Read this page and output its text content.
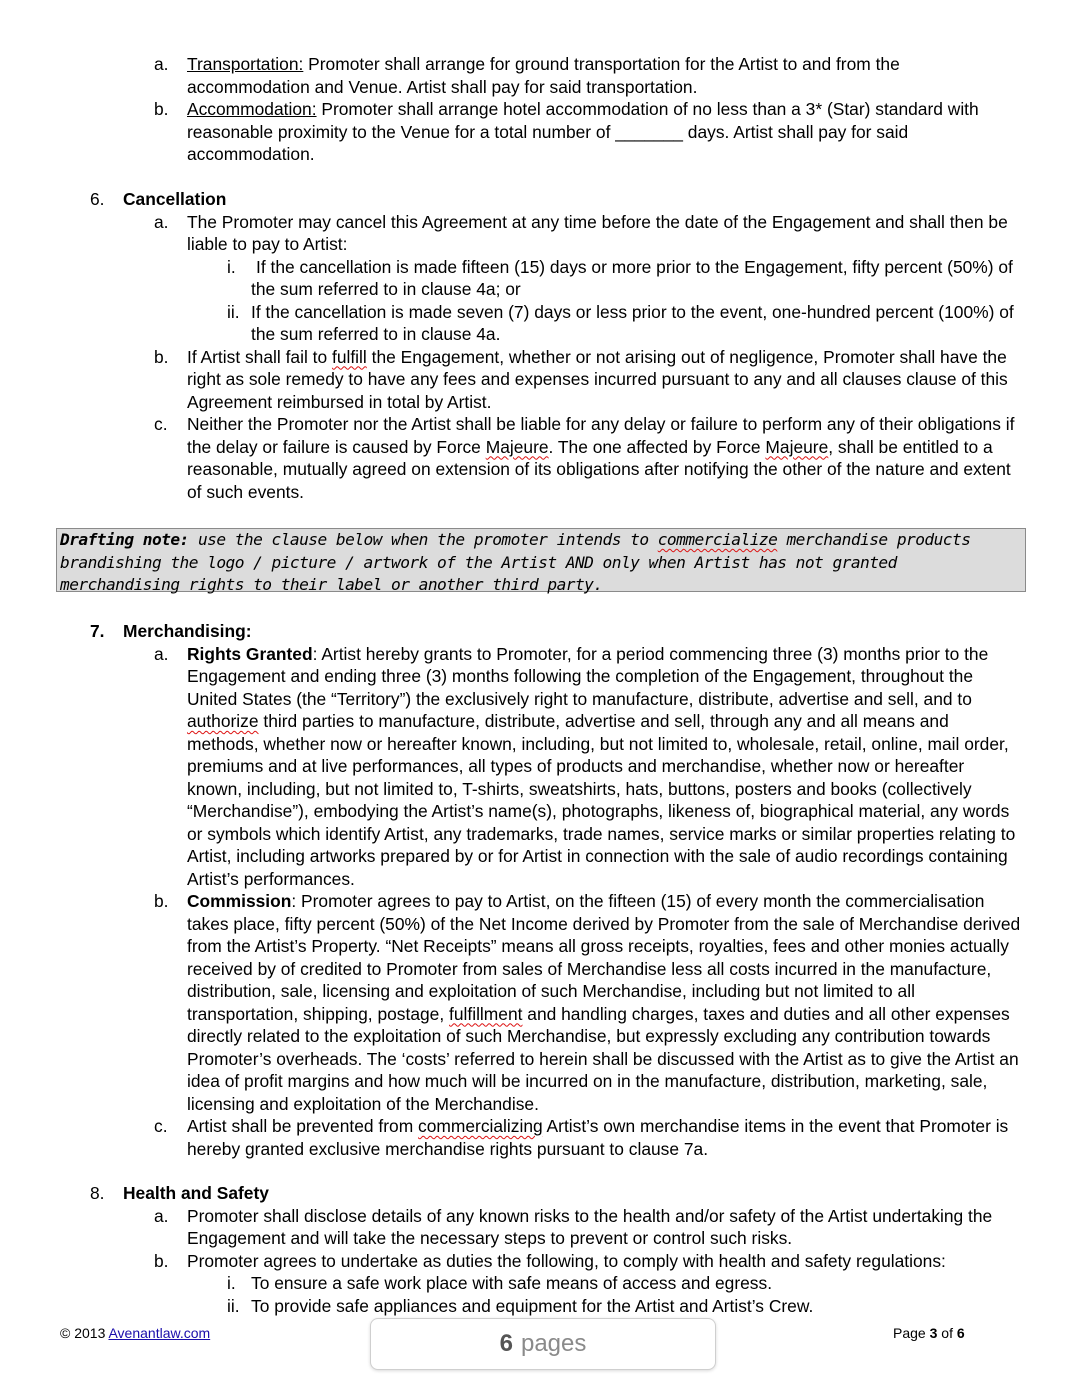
a. Transportation: Promoter shall arrange for ground transportation for the Artist to and from the accommodation and Venue. Artist shall pay for said transportation.
b. Accommodation: Promoter shall arrange hotel accommodation of no less than a 3* (Star) standard with reasonable proximity to the Venue for a total number of _______ days. Artist shall pay for said accommodation.
6. Cancellation
a. The Promoter may cancel this Agreement at any time before the date of the Engagement and shall then be liable to pay to Artist:
i. If the cancellation is made fifteen (15) days or more prior to the Engagement, fifty percent (50%) of the sum referred to in clause 4a; or
ii. If the cancellation is made seven (7) days or less prior to the event, one-hundred percent (100%) of the sum referred to in clause 4a.
b. If Artist shall fail to fulfill the Engagement, whether or not arising out of negligence, Promoter shall have the right as sole remedy to have any fees and expenses incurred pursuant to any and all clauses clause of this Agreement reimbursed in total by Artist.
c. Neither the Promoter nor the Artist shall be liable for any delay or failure to perform any of their obligations if the delay or failure is caused by Force Majeure. The one affected by Force Majeure, shall be entitled to a reasonable, mutually agreed on extension of its obligations after notifying the other of the nature and extent of such events.
Drafting note: use the clause below when the promoter intends to commercialize merchandise products brandishing the logo / picture / artwork of the Artist AND only when Artist has not granted merchandising rights to their label or another third party.
7. Merchandising:
a. Rights Granted: Artist hereby grants to Promoter, for a period commencing three (3) months prior to the Engagement and ending three (3) months following the completion of the Engagement, throughout the United States (the “Territory”) the exclusively right to manufacture, distribute, advertise and sell, and to authorize third parties to manufacture, distribute, advertise and sell, through any and all means and methods, whether now or hereafter known, including, but not limited to, wholesale, retail, online, mail order, premiums and at live performances, all types of products and merchandise, whether now or hereafter known, including, but not limited to, T-shirts, sweatshirts, hats, buttons, posters and books (collectively “Merchandise”), embodying the Artist’s name(s), photographs, likeness of, biographical material, any words or symbols which identify Artist, any trademarks, trade names, service marks or similar properties relating to Artist, including artworks prepared by or for Artist in connection with the sale of audio recordings containing Artist’s performances.
b. Commission: Promoter agrees to pay to Artist, on the fifteen (15) of every month the commercialisation takes place, fifty percent (50%) of the Net Income derived by Promoter from the sale of Merchandise derived from the Artist’s Property. “Net Receipts” means all gross receipts, royalties, fees and other monies actually received by of credited to Promoter from sales of Merchandise less all costs incurred in the manufacture, distribution, sale, licensing and exploitation of such Merchandise, including but not limited to all transportation, shipping, postage, fulfillment and handling charges, taxes and duties and all other expenses directly related to the exploitation of such Merchandise, but expressly excluding any contribution towards Promoter’s overheads. The ‘costs’ referred to herein shall be discussed with the Artist as to give the Artist an idea of profit margins and how much will be incurred on in the manufacture, distribution, marketing, sale, licensing and exploitation of the Merchandise.
c. Artist shall be prevented from commercializing Artist’s own merchandise items in the event that Promoter is hereby granted exclusive merchandise rights pursuant to clause 7a.
8. Health and Safety
a. Promoter shall disclose details of any known risks to the health and/or safety of the Artist undertaking the Engagement and will take the necessary steps to prevent or control such risks.
b. Promoter agrees to undertake as duties the following, to comply with health and safety regulations:
i. To ensure a safe work place with safe means of access and egress.
ii. To provide safe appliances and equipment for the Artist and Artist’s Crew.
© 2013 Avenantlaw.com	Page 3 of 6
6 pages
